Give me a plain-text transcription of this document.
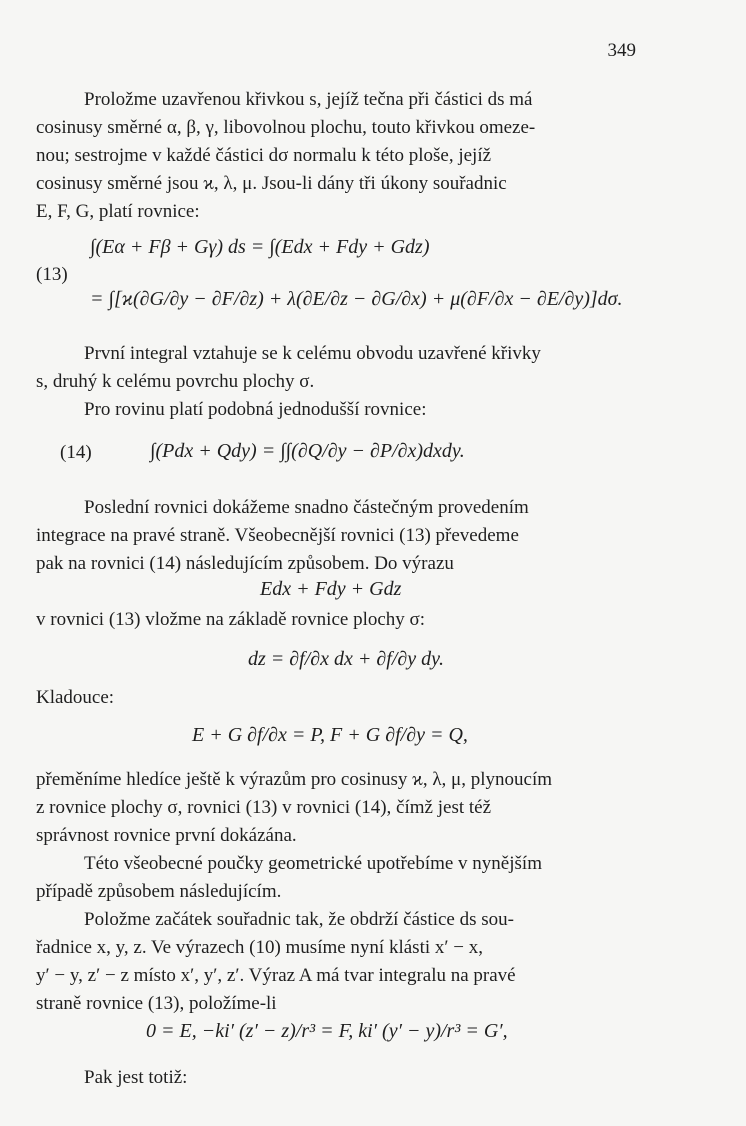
349

Proložme uzavřenou křivkou s, jejíž tečna při částici ds má
cosinusy směrné α, β, γ, libovolnou plochu, touto křivkou omeze-
nou; sestrojme v každé částici dσ normalu k této ploše, jejíž
cosinusy směrné jsou ϰ, λ, μ. Jsou-li dány tři úkony souřadnic
E, F, G, platí rovnice:

(13)
∫(Eα + Fβ + Gγ) ds = ∫(Edx + Fdy + Gdz)
= ∫[ϰ(∂G/∂y − ∂F/∂z) + λ(∂E/∂z − ∂G/∂x) + μ(∂F/∂x − ∂E/∂y)]dσ.

První integral vztahuje se k celému obvodu uzavřené křivky
s, druhý k celému povrchu plochy σ.

Pro rovinu platí podobná jednodušší rovnice:

(14)	∫(Pdx + Qdy) = ∫∫(∂Q/∂y − ∂P/∂x)dxdy.

Poslední rovnici dokážeme snadno částečným provedením
integrace na pravé straně. Všeobecnější rovnici (13) převedeme
pak na rovnici (14) následujícím způsobem. Do výrazu

Edx + Fdy + Gdz

v rovnici (13) vložme na základě rovnice plochy σ:

dz = ∂f/∂x dx + ∂f/∂y dy.
Kladouce:
E + G ∂f/∂x = P, F + G ∂f/∂y = Q,

přeměníme hledíce ještě k výrazům pro cosinusy ϰ, λ, μ, plynoucím
z rovnice plochy σ, rovnici (13) v rovnici (14), čímž jest též
správnost rovnice první dokázána.

Této všeobecné poučky geometrické upotřebíme v nynějším
případě způsobem následujícím.

Položme začátek souřadnic tak, že obdrží částice ds sou-
řadnice x, y, z. Ve výrazech (10) musíme nyní klásti x′ − x,
y′ − y, z′ − z místo x′, y′, z′. Výraz A má tvar integralu na pravé
straně rovnice (13), položíme-li

0 = E, −ki′ (z′ − z)/r³ = F, ki′ (y′ − y)/r³ = G′,

Pak jest totiž:
